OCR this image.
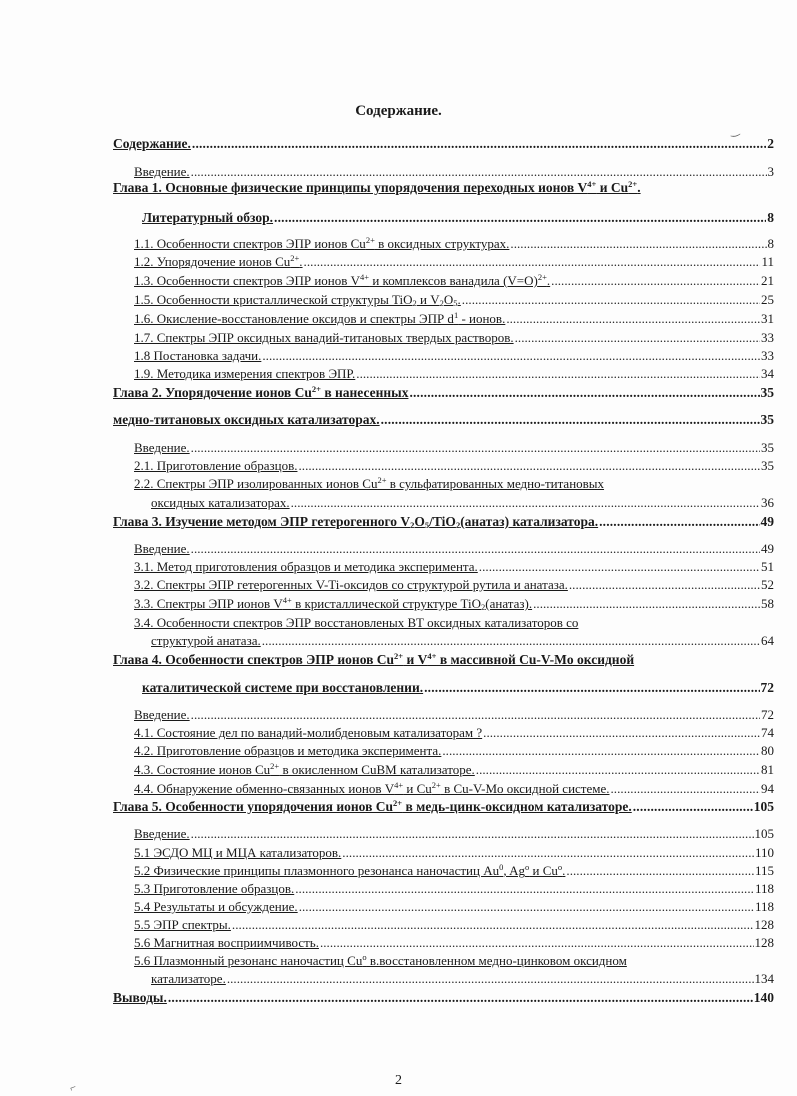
Содержание.
Содержание. . . .	2
Введение. . . .	3
Глава 1. Основные физические принципы упорядочения переходных ионов $V^{4+}$ и $Cu^{2+}$.
Литературный обзор. . . .	8
1.1. Особенности спектров ЭПР ионов $Cu^{2+}$ в оксидных структурах. . . .	8
1.2. Упорядочение ионов $Cu^{2+}$. . . .	11
1.3. Особенности спектров ЭПР ионов $V^{4+}$ и комплексов ванадила (V=O)$^{2+}$. . . .	21
1.5. Особенности кристаллической структуры TiO$_2$ и $V_2O_5$. . . .	25
1.6. Окисление-восстановление оксидов и спектры ЭПР $d^1$ - ионов. . . .	31
1.7. Спектры ЭПР оксидных ванадий-титановых твердых растворов. . . .	33
1.8 Постановка задачи. . . .	33
1.9. Методика измерения спектров ЭПР. . . .	34
Глава 2. Упорядочение ионов $Cu^{2+}$ в нанесенных . . .	35
медно-титановых оксидных катализаторах. . . .	35
Введение. . . .	35
2.1. Приготовление образцов. . . .	35
2.2. Спектры ЭПР изолированных ионов $Cu^{2+}$ в сульфатированных медно-титановых
оксидных катализаторах. . . .	36
Глава 3. Изучение методом ЭПР гетерогенного $V_2O_5/TiO_2(анатаз)$ катализатора. . . .	49
Введение. . . .	49
3.1. Метод приготовления образцов и методика эксперимента. . . .	51
3.2. Спектры ЭПР гетерогенных V-Ti-оксидов со структурой рутила и анатаза. . . .	52
3.3. Спектры ЭПР ионов $V^{4+}$ в кристаллической структуре TiO$_2$(анатаз). . . .	58
3.4. Особенности спектров ЭПР восстановленых ВТ оксидных катализаторов со
структурой анатаза. . . .	64
Глава 4. Особенности спектров ЭПР ионов $Cu^{2+}$ и $V^{4+}$ в массивной Cu-V-Mo оксидной
каталитической системе при восстановлении. . . .	72
Введение. . . .	72
4.1. Состояние дел по ванадий-молибденовым катализаторам ? . . .	74
4.2. Приготовление образцов и методика эксперимента. . . .	80
4.3. Состояние ионов $Cu^{2+}$ в окисленном CuВМ катализаторе. . . .	81
4.4. Обнаружение обменно-связанных ионов $V^{4+}$ и $Cu^{2+}$ в Cu-V-Mo оксидной системе. . . .	94
Глава 5. Особенности упорядочения ионов $Cu^{2+}$ в медь-цинк-оксидном катализаторе. . . .	105
Введение. . . .	105
5.1 ЭСДО МЦ и МЦА катализаторов. . . .	110
5.2 Физические принципы плазмонного резонанса наночастиц Au$^0$, Ag$^o$ и Cu$^o$. . . .	115
5.3 Приготовление образцов. . . .	118
5.4 Результаты и обсуждение. . . .	118
5.5 ЭПР спектры. . . .	128
5.6 Магнитная восприимчивость. . . .	128
5.6 Плазмонный резонанс наночастиц Cu$^o$ в.восстановленном медно-цинковом оксидном
катализаторе. . . .	134
Выводы. . . .	140
2
‿
⌐
